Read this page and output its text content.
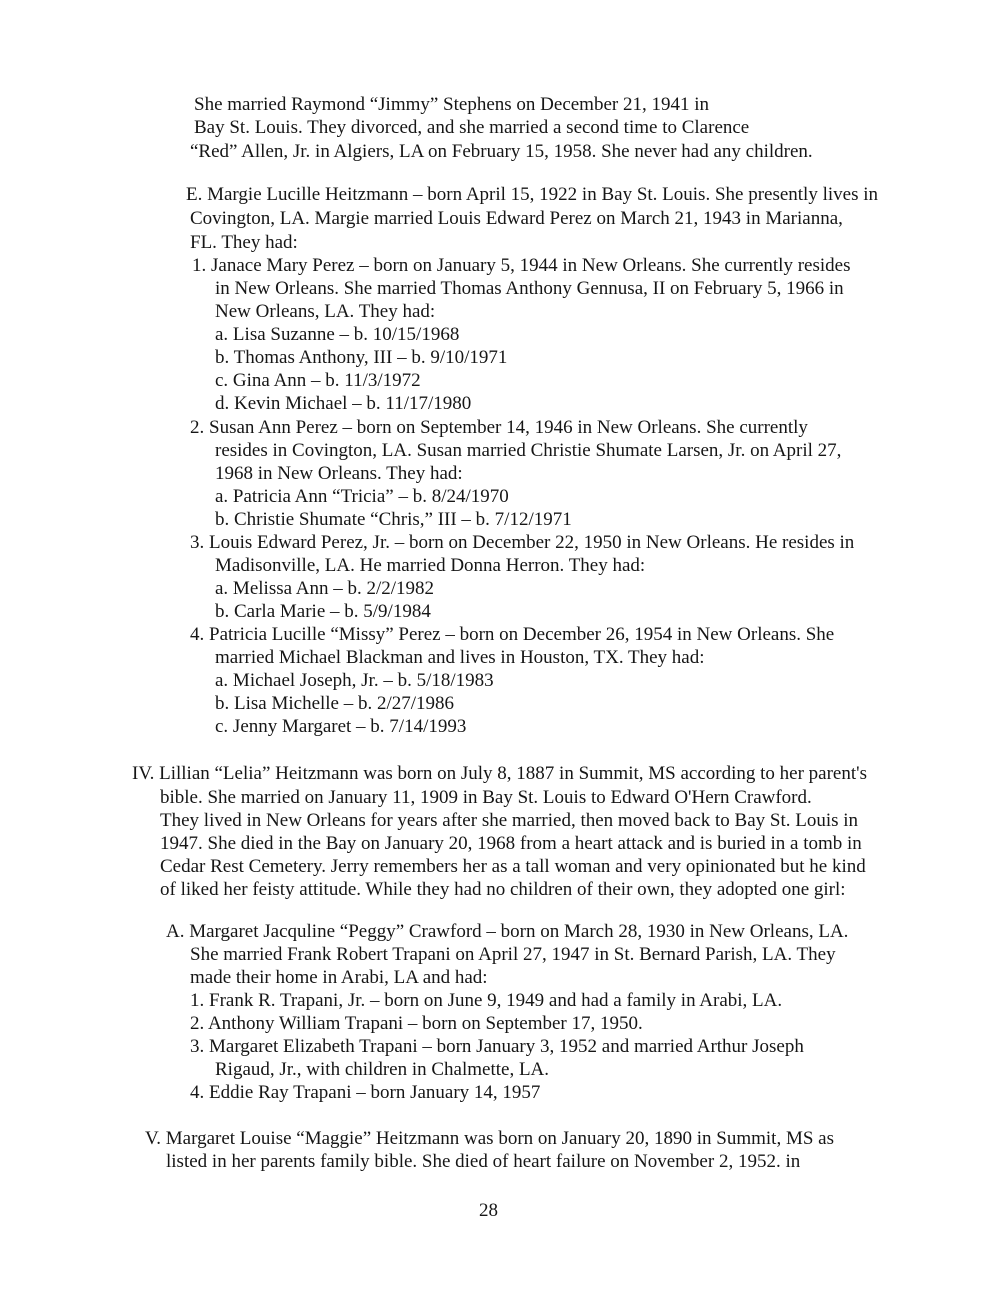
She married Raymond “Jimmy” Stephens on December 21, 1941 in
Bay St. Louis. They divorced, and she married a second time to Clarence
“Red” Allen, Jr. in Algiers, LA on February 15, 1958. She never had any children.
E. Margie Lucille Heitzmann – born April 15, 1922 in Bay St. Louis. She presently lives in
Covington, LA. Margie married Louis Edward Perez on March 21, 1943 in Marianna,
FL. They had:
1. Janace Mary Perez – born on January 5, 1944 in New Orleans. She currently resides
in New Orleans. She married Thomas Anthony Gennusa, II on February 5, 1966 in
New Orleans, LA. They had:
a. Lisa Suzanne – b. 10/15/1968
b. Thomas Anthony, III – b. 9/10/1971
c. Gina Ann – b. 11/3/1972
d. Kevin Michael – b. 11/17/1980
2. Susan Ann Perez – born on September 14, 1946 in New Orleans. She currently
resides in Covington, LA. Susan married Christie Shumate Larsen, Jr. on April 27,
1968 in New Orleans. They had:
a. Patricia Ann “Tricia” – b. 8/24/1970
b. Christie Shumate “Chris,” III – b. 7/12/1971
3. Louis Edward Perez, Jr. – born on December 22, 1950 in New Orleans. He resides in
Madisonville, LA. He married Donna Herron. They had:
a. Melissa Ann – b. 2/2/1982
b. Carla Marie – b. 5/9/1984
4. Patricia Lucille “Missy” Perez – born on December 26, 1954 in New Orleans. She
married Michael Blackman and lives in Houston, TX. They had:
a. Michael Joseph, Jr. – b. 5/18/1983
b. Lisa Michelle – b. 2/27/1986
c. Jenny Margaret – b. 7/14/1993
IV. Lillian “Lelia” Heitzmann was born on July 8, 1887 in Summit, MS according to her parent's
bible. She married on January 11, 1909 in Bay St. Louis to Edward O'Hern Crawford.
They lived in New Orleans for years after she married, then moved back to Bay St. Louis in
1947. She died in the Bay on January 20, 1968 from a heart attack and is buried in a tomb in
Cedar Rest Cemetery. Jerry remembers her as a tall woman and very opinionated but he kind
of liked her feisty attitude. While they had no children of their own, they adopted one girl:
A. Margaret Jacquline “Peggy” Crawford – born on March 28, 1930 in New Orleans, LA.
She married Frank Robert Trapani on April 27, 1947 in St. Bernard Parish, LA. They
made their home in Arabi, LA and had:
1. Frank R. Trapani, Jr. – born on June 9, 1949 and had a family in Arabi, LA.
2. Anthony William Trapani – born on September 17, 1950.
3. Margaret Elizabeth Trapani – born January 3, 1952 and married Arthur Joseph
Rigaud, Jr., with children in Chalmette, LA.
4. Eddie Ray Trapani – born January 14, 1957
V. Margaret Louise “Maggie” Heitzmann was born on January 20, 1890 in Summit, MS as
listed in her parents family bible. She died of heart failure on November 2, 1952. in
28
